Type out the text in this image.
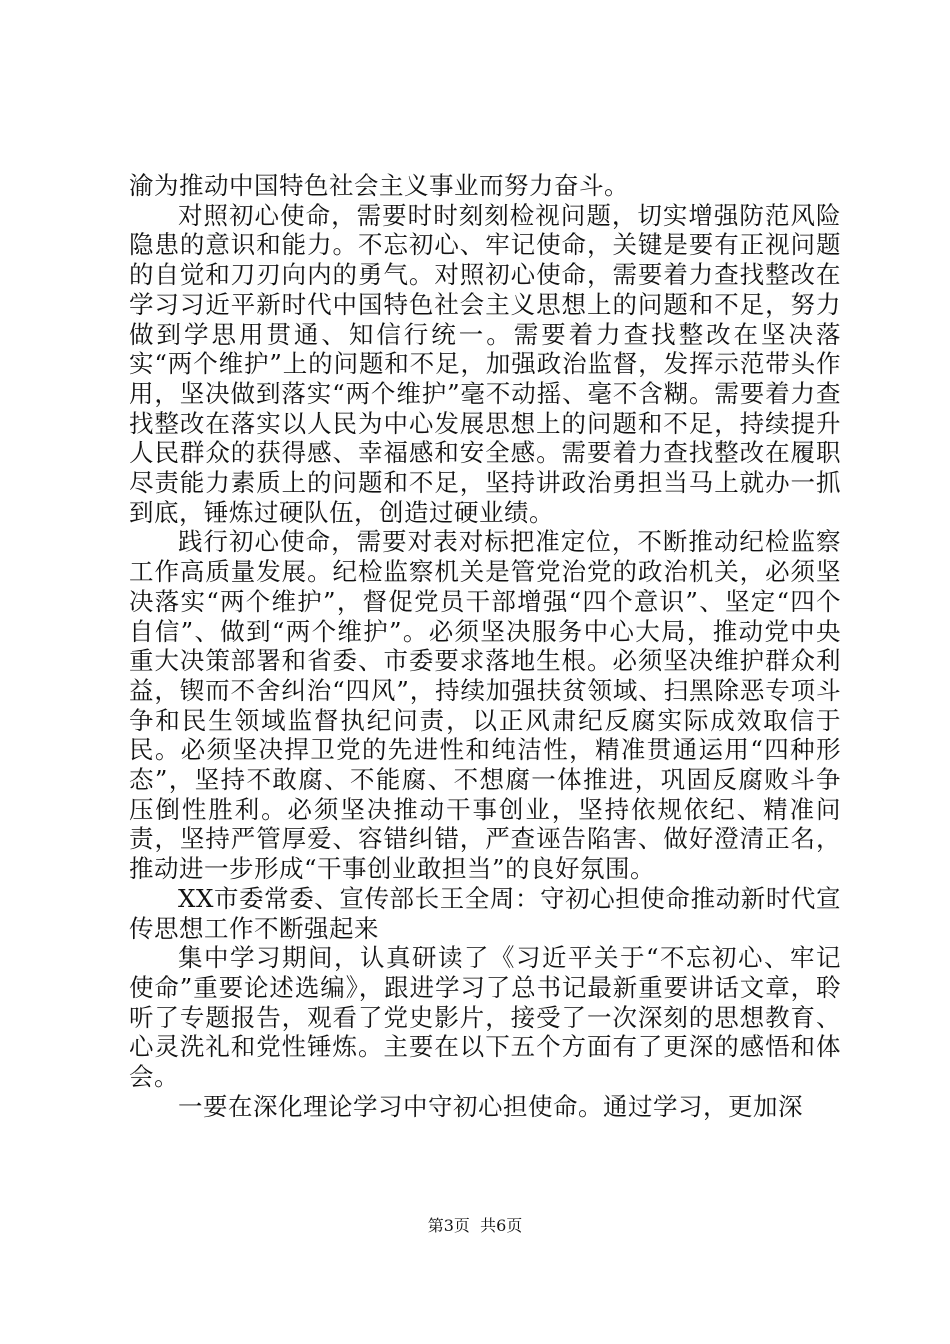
渝为推动中国特色社会主义事业而努力奋斗。

对照初心使命，需要时时刻刻检视问题，切实增强防范风险隐患的意识和能力。不忘初心、牢记使命，关键是要有正视问题的自觉和刀刃向内的勇气。对照初心使命，需要着力查找整改在学习习近平新时代中国特色社会主义思想上的问题和不足，努力做到学思用贯通、知信行统一。需要着力查找整改在坚决落实“两个维护”上的问题和不足，加强政治监督，发挥示范带头作用，坚决做到落实“两个维护”毫不动摇、毫不含糊。需要着力查找整改在落实以人民为中心发展思想上的问题和不足，持续提升人民群众的获得感、幸福感和安全感。需要着力查找整改在履职尽责能力素质上的问题和不足，坚持讲政治勇担当马上就办一抓到底，锤炼过硬队伍，创造过硬业绩。

践行初心使命，需要对表对标把准定位，不断推动纪检监察工作高质量发展。纪检监察机关是管党治党的政治机关，必须坚决落实“两个维护”，督促党员干部增强“四个意识”、坚定“四个自信”、做到“两个维护”。必须坚决服务中心大局，推动党中央重大决策部署和省委、市委要求落地生根。必须坚决维护群众利益，锲而不舍纠治“四风”，持续加强扶贫领域、扫黑除恶专项斗争和民生领域监督执纪问责，以正风肃纪反腐实际成效取信于民。必须坚决捍卫党的先进性和纯洁性，精准贯通运用“四种形态”，坚持不敢腐、不能腐、不想腐一体推进，巩固反腐败斗争压倒性胜利。必须坚决推动干事创业，坚持依规依纪、精准问责，坚持严管厚爱、容错纠错，严查诬告陷害、做好澄清正名，推动进一步形成“干事创业敢担当”的良好氛围。

XX市委常委、宣传部长王全周：守初心担使命推动新时代宣传思想工作不断强起来

集中学习期间，认真研读了《习近平关于“不忘初心、牢记使命”重要论述选编》，跟进学习了总书记最新重要讲话文章，聆听了专题报告，观看了党史影片，接受了一次深刻的思想教育、心灵洗礼和党性锤炼。主要在以下五个方面有了更深的感悟和体会。

一要在深化理论学习中守初心担使命。通过学习，更加深

第3页  共6页
